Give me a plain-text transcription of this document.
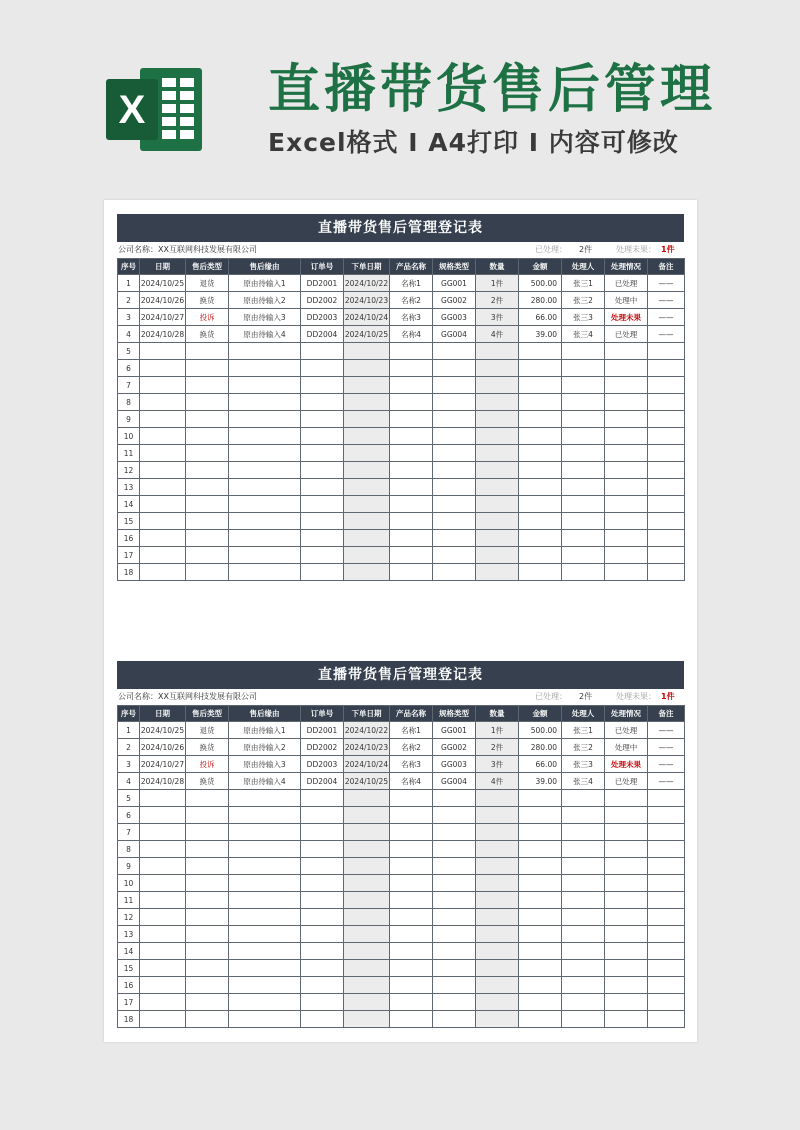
X 直播带货售后管理
Excel格式 I A4打印 I 内容可修改
直播带货售后管理登记表
公司名称：XX互联网科技发展有限公司	已处理： 2件	处理未果： 1件
序号	日期	售后类型	售后缘由	订单号	下单日期	产品名称	规格类型	数量	金额	处理人	处理情况	备注
1	2024/10/25	退货	原由待输入1	DD2001	2024/10/22	名称1	GG001	1件	500.00	张三1	已处理	——
2	2024/10/26	换货	原由待输入2	DD2002	2024/10/23	名称2	GG002	2件	280.00	张三2	处理中	——
3	2024/10/27	投诉	原由待输入3	DD2003	2024/10/24	名称3	GG003	3件	66.00	张三3	处理未果	——
4	2024/10/28	换货	原由待输入4	DD2004	2024/10/25	名称4	GG004	4件	39.00	张三4	已处理	——
5												
6												
7												
8												
9												
10												
11												
12												
13												
14												
15												
16												
17												
18												
直播带货售后管理登记表
公司名称：XX互联网科技发展有限公司	已处理： 2件	处理未果： 1件
序号	日期	售后类型	售后缘由	订单号	下单日期	产品名称	规格类型	数量	金额	处理人	处理情况	备注
1	2024/10/25	退货	原由待输入1	DD2001	2024/10/22	名称1	GG001	1件	500.00	张三1	已处理	——
2	2024/10/26	换货	原由待输入2	DD2002	2024/10/23	名称2	GG002	2件	280.00	张三2	处理中	——
3	2024/10/27	投诉	原由待输入3	DD2003	2024/10/24	名称3	GG003	3件	66.00	张三3	处理未果	——
4	2024/10/28	换货	原由待输入4	DD2004	2024/10/25	名称4	GG004	4件	39.00	张三4	已处理	——
5												
6												
7												
8												
9												
10												
11												
12												
13												
14												
15												
16												
17												
18												
